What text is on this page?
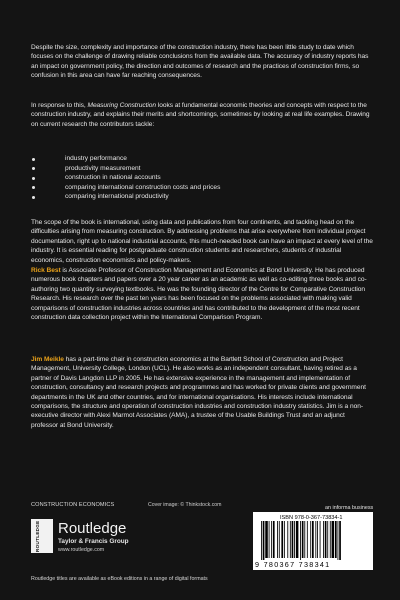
Despite the size, complexity and importance of the construction industry, there has been little study to date which focuses on the challenge of drawing reliable conclusions from the available data. The accuracy of industry reports has an impact on government policy, the direction and outcomes of research and the practices of construction firms, so confusion in this area can have far reaching consequences.

In response to this, Measuring Construction looks at fundamental economic theories and concepts with respect to the construction industry, and explains their merits and shortcomings, sometimes by looking at real life examples. Drawing on current research the contributors tackle:

industry performance
productivity measurement
construction in national accounts
comparing international construction costs and prices
comparing international productivity

The scope of the book is international, using data and publications from four continents, and tackling head on the difficulties arising from measuring construction. By addressing problems that arise everywhere from individual project documentation, right up to national industrial accounts, this much-needed book can have an impact at every level of the industry. It is essential reading for postgraduate construction students and researchers, students of industrial economics, construction economists and policy-makers.

Rick Best is Associate Professor of Construction Management and Economics at Bond University. He has produced numerous book chapters and papers over a 20 year career as an academic as well as co-editing three books and co-authoring two quantity surveying textbooks. He was the founding director of the Centre for Comparative Construction Research. His research over the past ten years has been focused on the problems associated with making valid comparisons of construction industries across countries and has contributed to the development of the most recent construction data collection project within the International Comparison Program.

Jim Meikle has a part-time chair in construction economics at the Bartlett School of Construction and Project Management, University College, London (UCL). He also works as an independent consultant, having retired as a partner of Davis Langdon LLP in 2005. He has extensive experience in the management and implementation of construction, consultancy and research projects and programmes and has worked for private clients and government departments in the UK and other countries, and for international organisations. His interests include international comparisons, the structure and operation of construction industries and construction industry statistics. Jim is a non-executive director with Alexi Marmot Associates (AMA), a trustee of the Usable Buildings Trust and an adjunct professor at Bond University.

CONSTRUCTION ECONOMICS	Cover image: © Thinkstock.com	an informa business
ROUTLEDGE Routledge
Taylor & Francis Group
www.routledge.com
ISBN 978-0-367-73834-1
9 780367 738341
Routledge titles are available as eBook editions in a range of digital formats
